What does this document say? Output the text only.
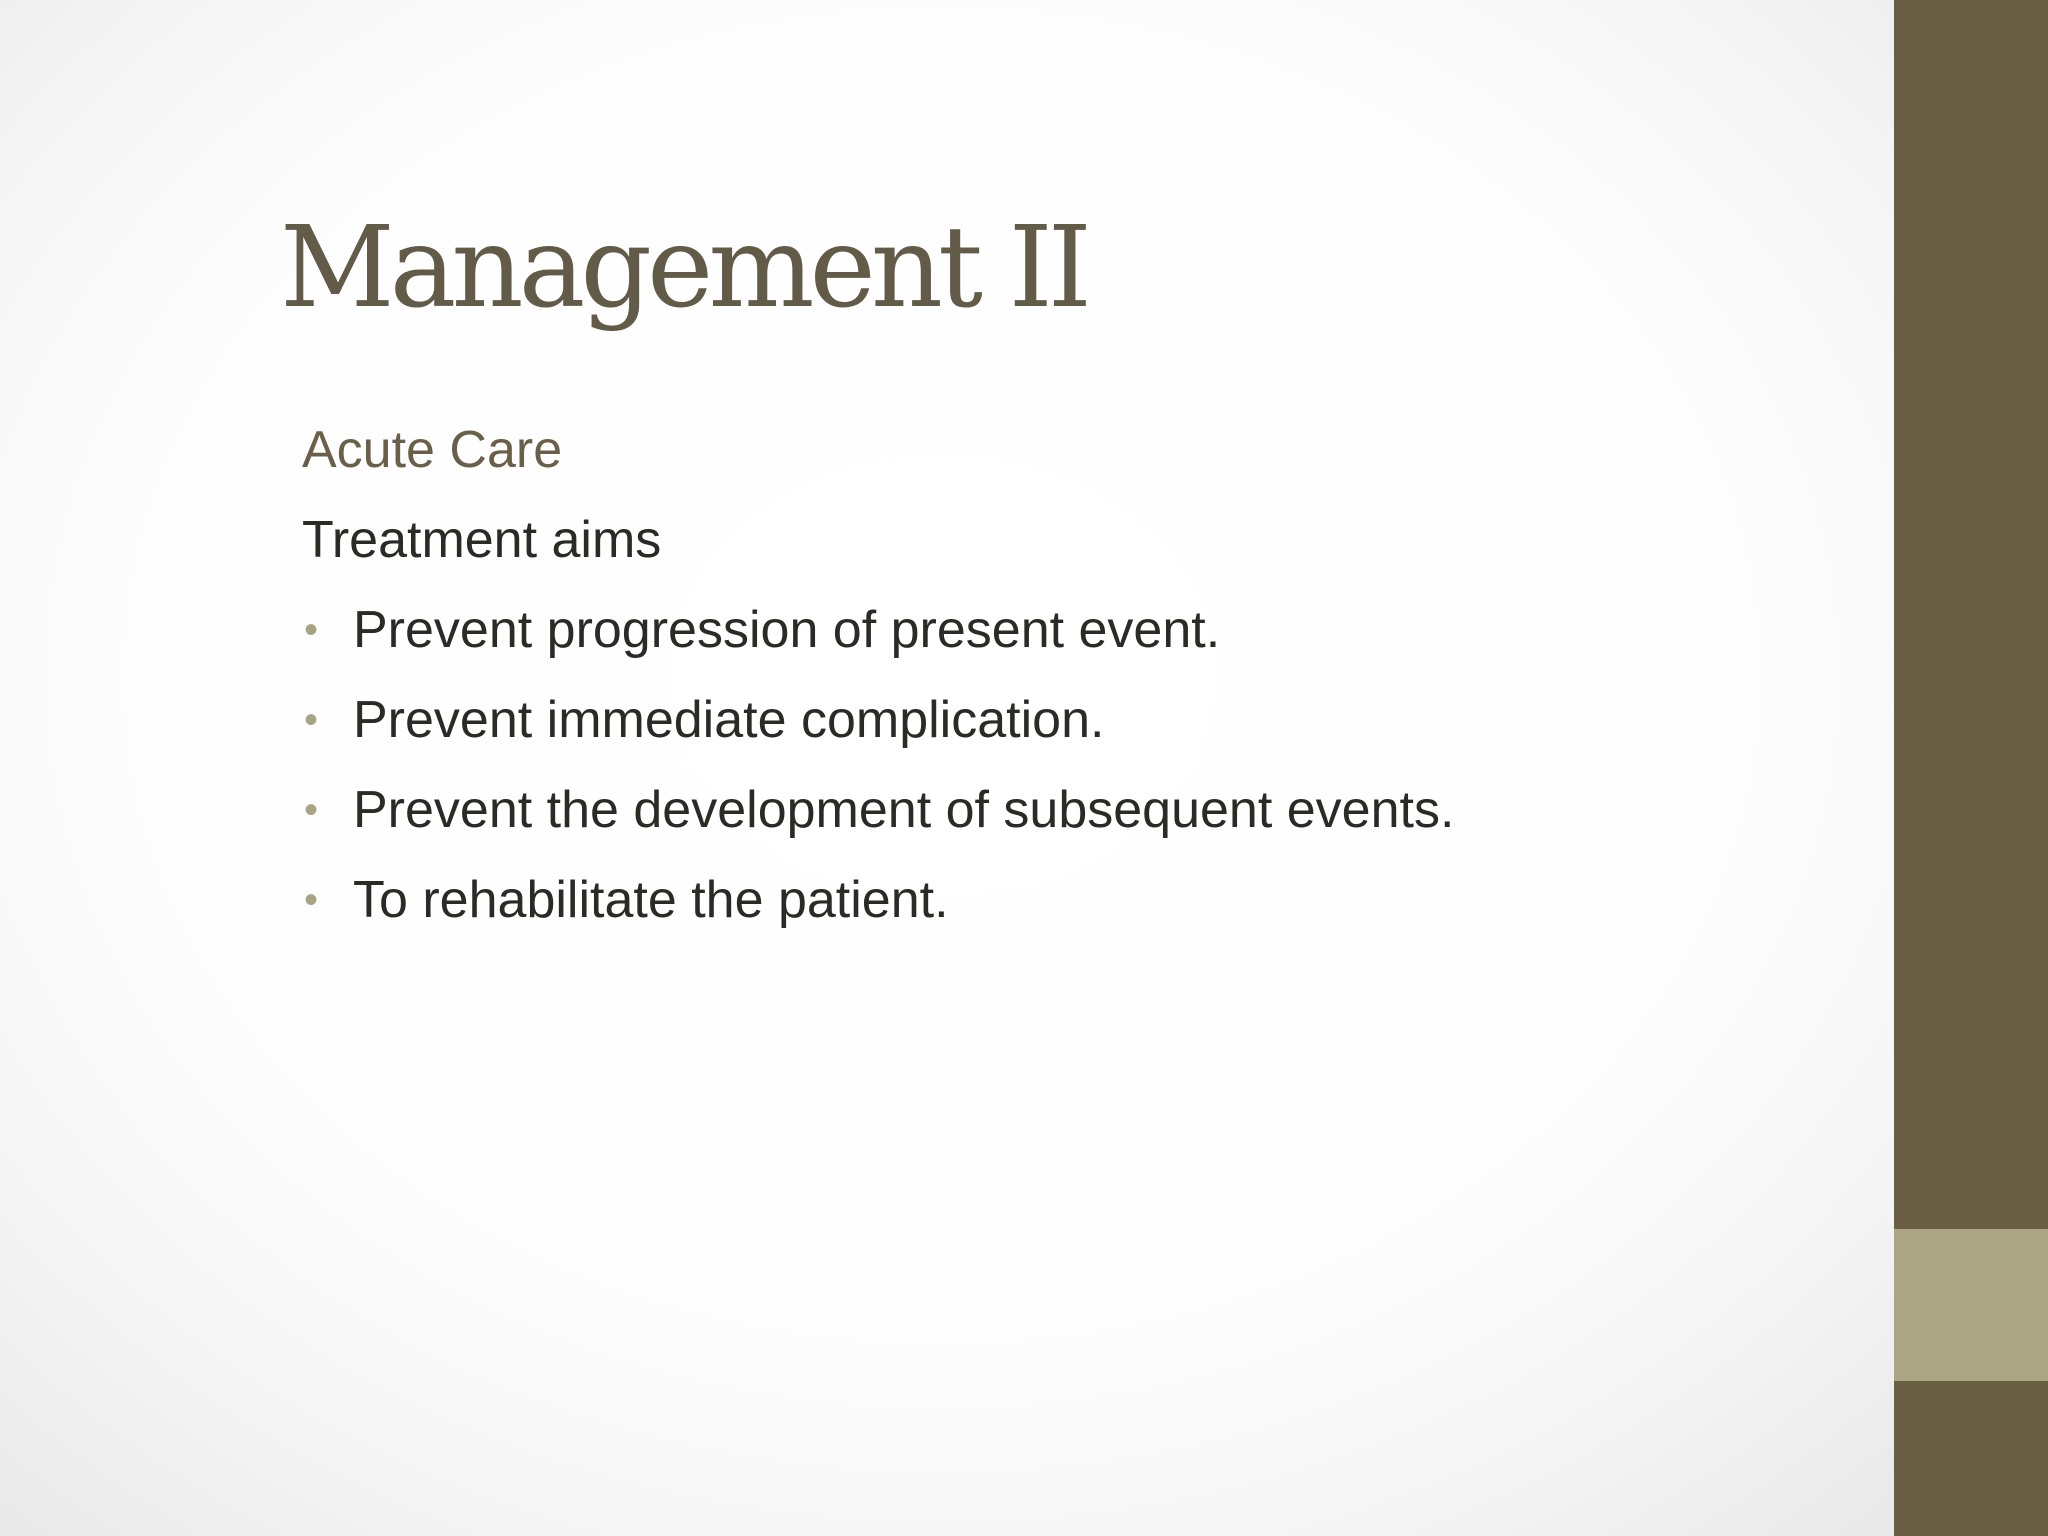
Management II

Acute Care

Treatment aims

• Prevent progression of present event.
• Prevent immediate complication.
• Prevent the development of subsequent events.
• To rehabilitate the patient.
